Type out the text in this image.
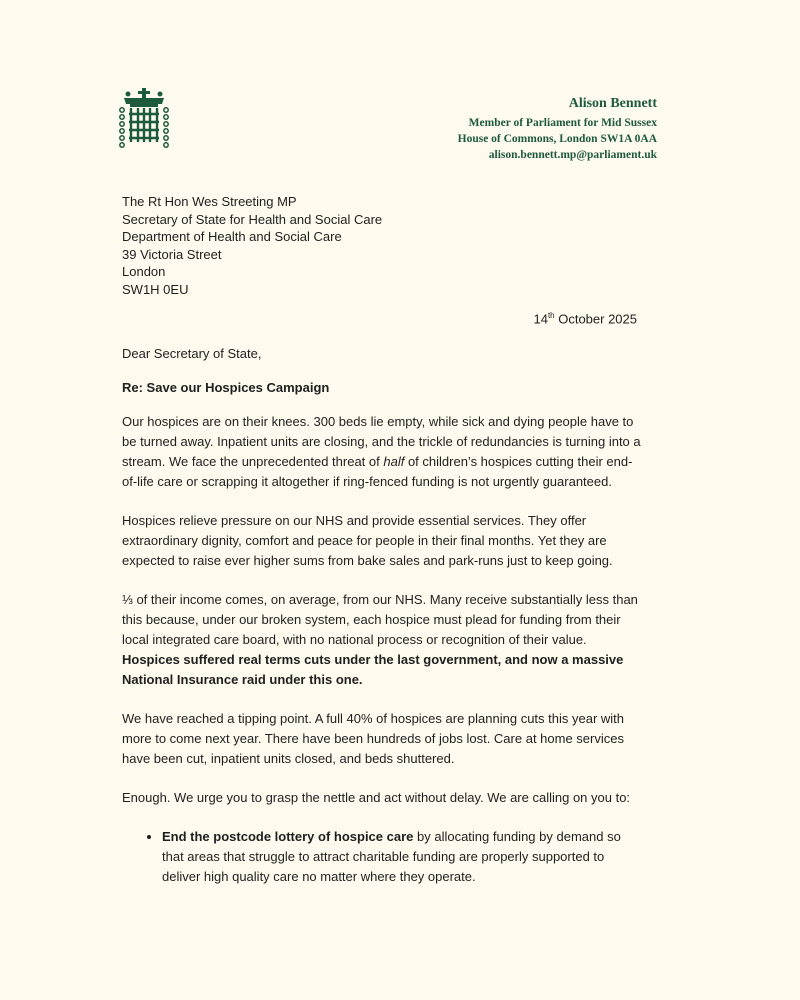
Alison Bennett
Member of Parliament for Mid Sussex
House of Commons, London SW1A 0AA
alison.bennett.mp@parliament.uk
The Rt Hon Wes Streeting MP
Secretary of State for Health and Social Care
Department of Health and Social Care
39 Victoria Street
London
SW1H 0EU
14th October 2025

Dear Secretary of State,

Re: Save our Hospices Campaign

Our hospices are on their knees. 300 beds lie empty, while sick and dying people have to be turned away. Inpatient units are closing, and the trickle of redundancies is turning into a stream. We face the unprecedented threat of half of children’s hospices cutting their end-of-life care or scrapping it altogether if ring-fenced funding is not urgently guaranteed.

Hospices relieve pressure on our NHS and provide essential services. They offer extraordinary dignity, comfort and peace for people in their final months. Yet they are expected to raise ever higher sums from bake sales and park-runs just to keep going.

⅓ of their income comes, on average, from our NHS. Many receive substantially less than this because, under our broken system, each hospice must plead for funding from their local integrated care board, with no national process or recognition of their value. Hospices suffered real terms cuts under the last government, and now a massive National Insurance raid under this one.

We have reached a tipping point. A full 40% of hospices are planning cuts this year with more to come next year. There have been hundreds of jobs lost. Care at home services have been cut, inpatient units closed, and beds shuttered.

Enough. We urge you to grasp the nettle and act without delay. We are calling on you to:

• End the postcode lottery of hospice care by allocating funding by demand so that areas that struggle to attract charitable funding are properly supported to deliver high quality care no matter where they operate.
